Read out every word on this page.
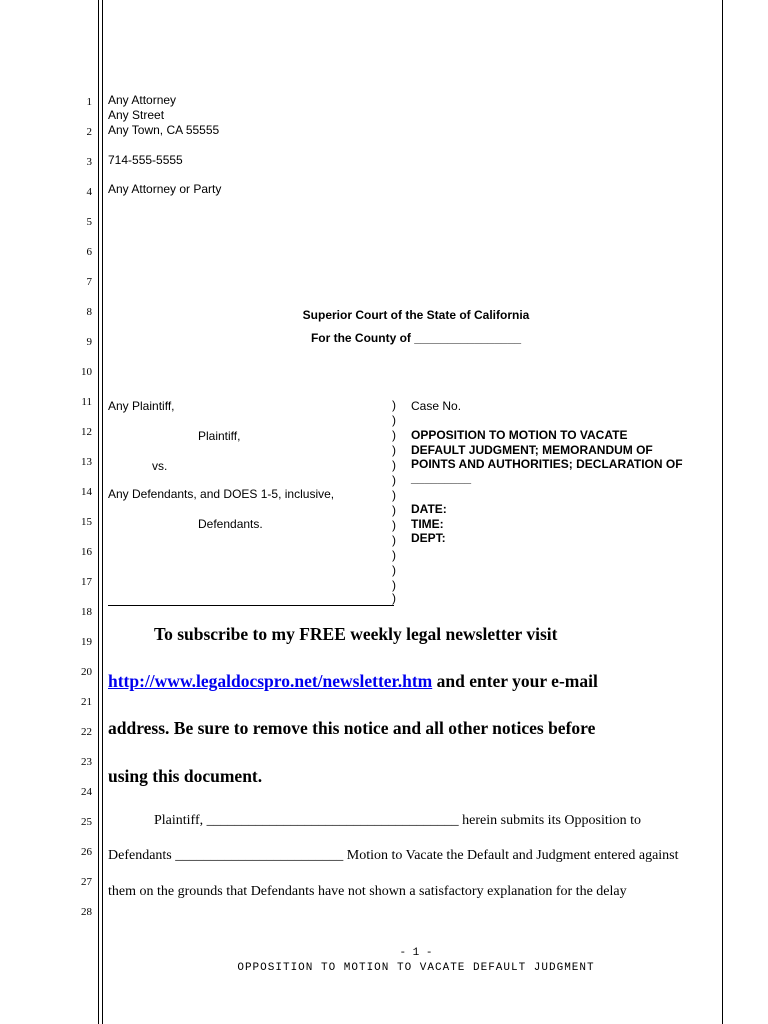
1
2
3
4
5
6
7
8
9
10
11
12
13
14
15
16
17
18
19
20
21
22
23
24
25
26
27
28
Any Attorney
Any Street
Any Town, CA 55555
714-555-5555
Any Attorney or Party
Superior Court of the State of California
For the County of ________________
Any Plaintiff,
Plaintiff,
vs.
Any Defendants, and DOES 1-5, inclusive,
Defendants.
)
)
)
)
)
)
)
)
)
)
)
)
)
)
Case No.
OPPOSITION TO MOTION TO VACATE
DEFAULT JUDGMENT; MEMORANDUM OF
POINTS AND AUTHORITIES; DECLARATION OF
_________
DATE:
TIME:
DEPT:
To subscribe to my FREE weekly legal newsletter visit
http://www.legaldocspro.net/newsletter.htm and enter your e-mail
address. Be sure to remove this notice and all other notices before
using this document.
Plaintiff, ____________________________________ herein submits its Opposition to
Defendants ________________________ Motion to Vacate the Default and Judgment entered against
them on the grounds that Defendants have not shown a satisfactory explanation for the delay
- 1 -
OPPOSITION TO MOTION TO VACATE DEFAULT JUDGMENT
